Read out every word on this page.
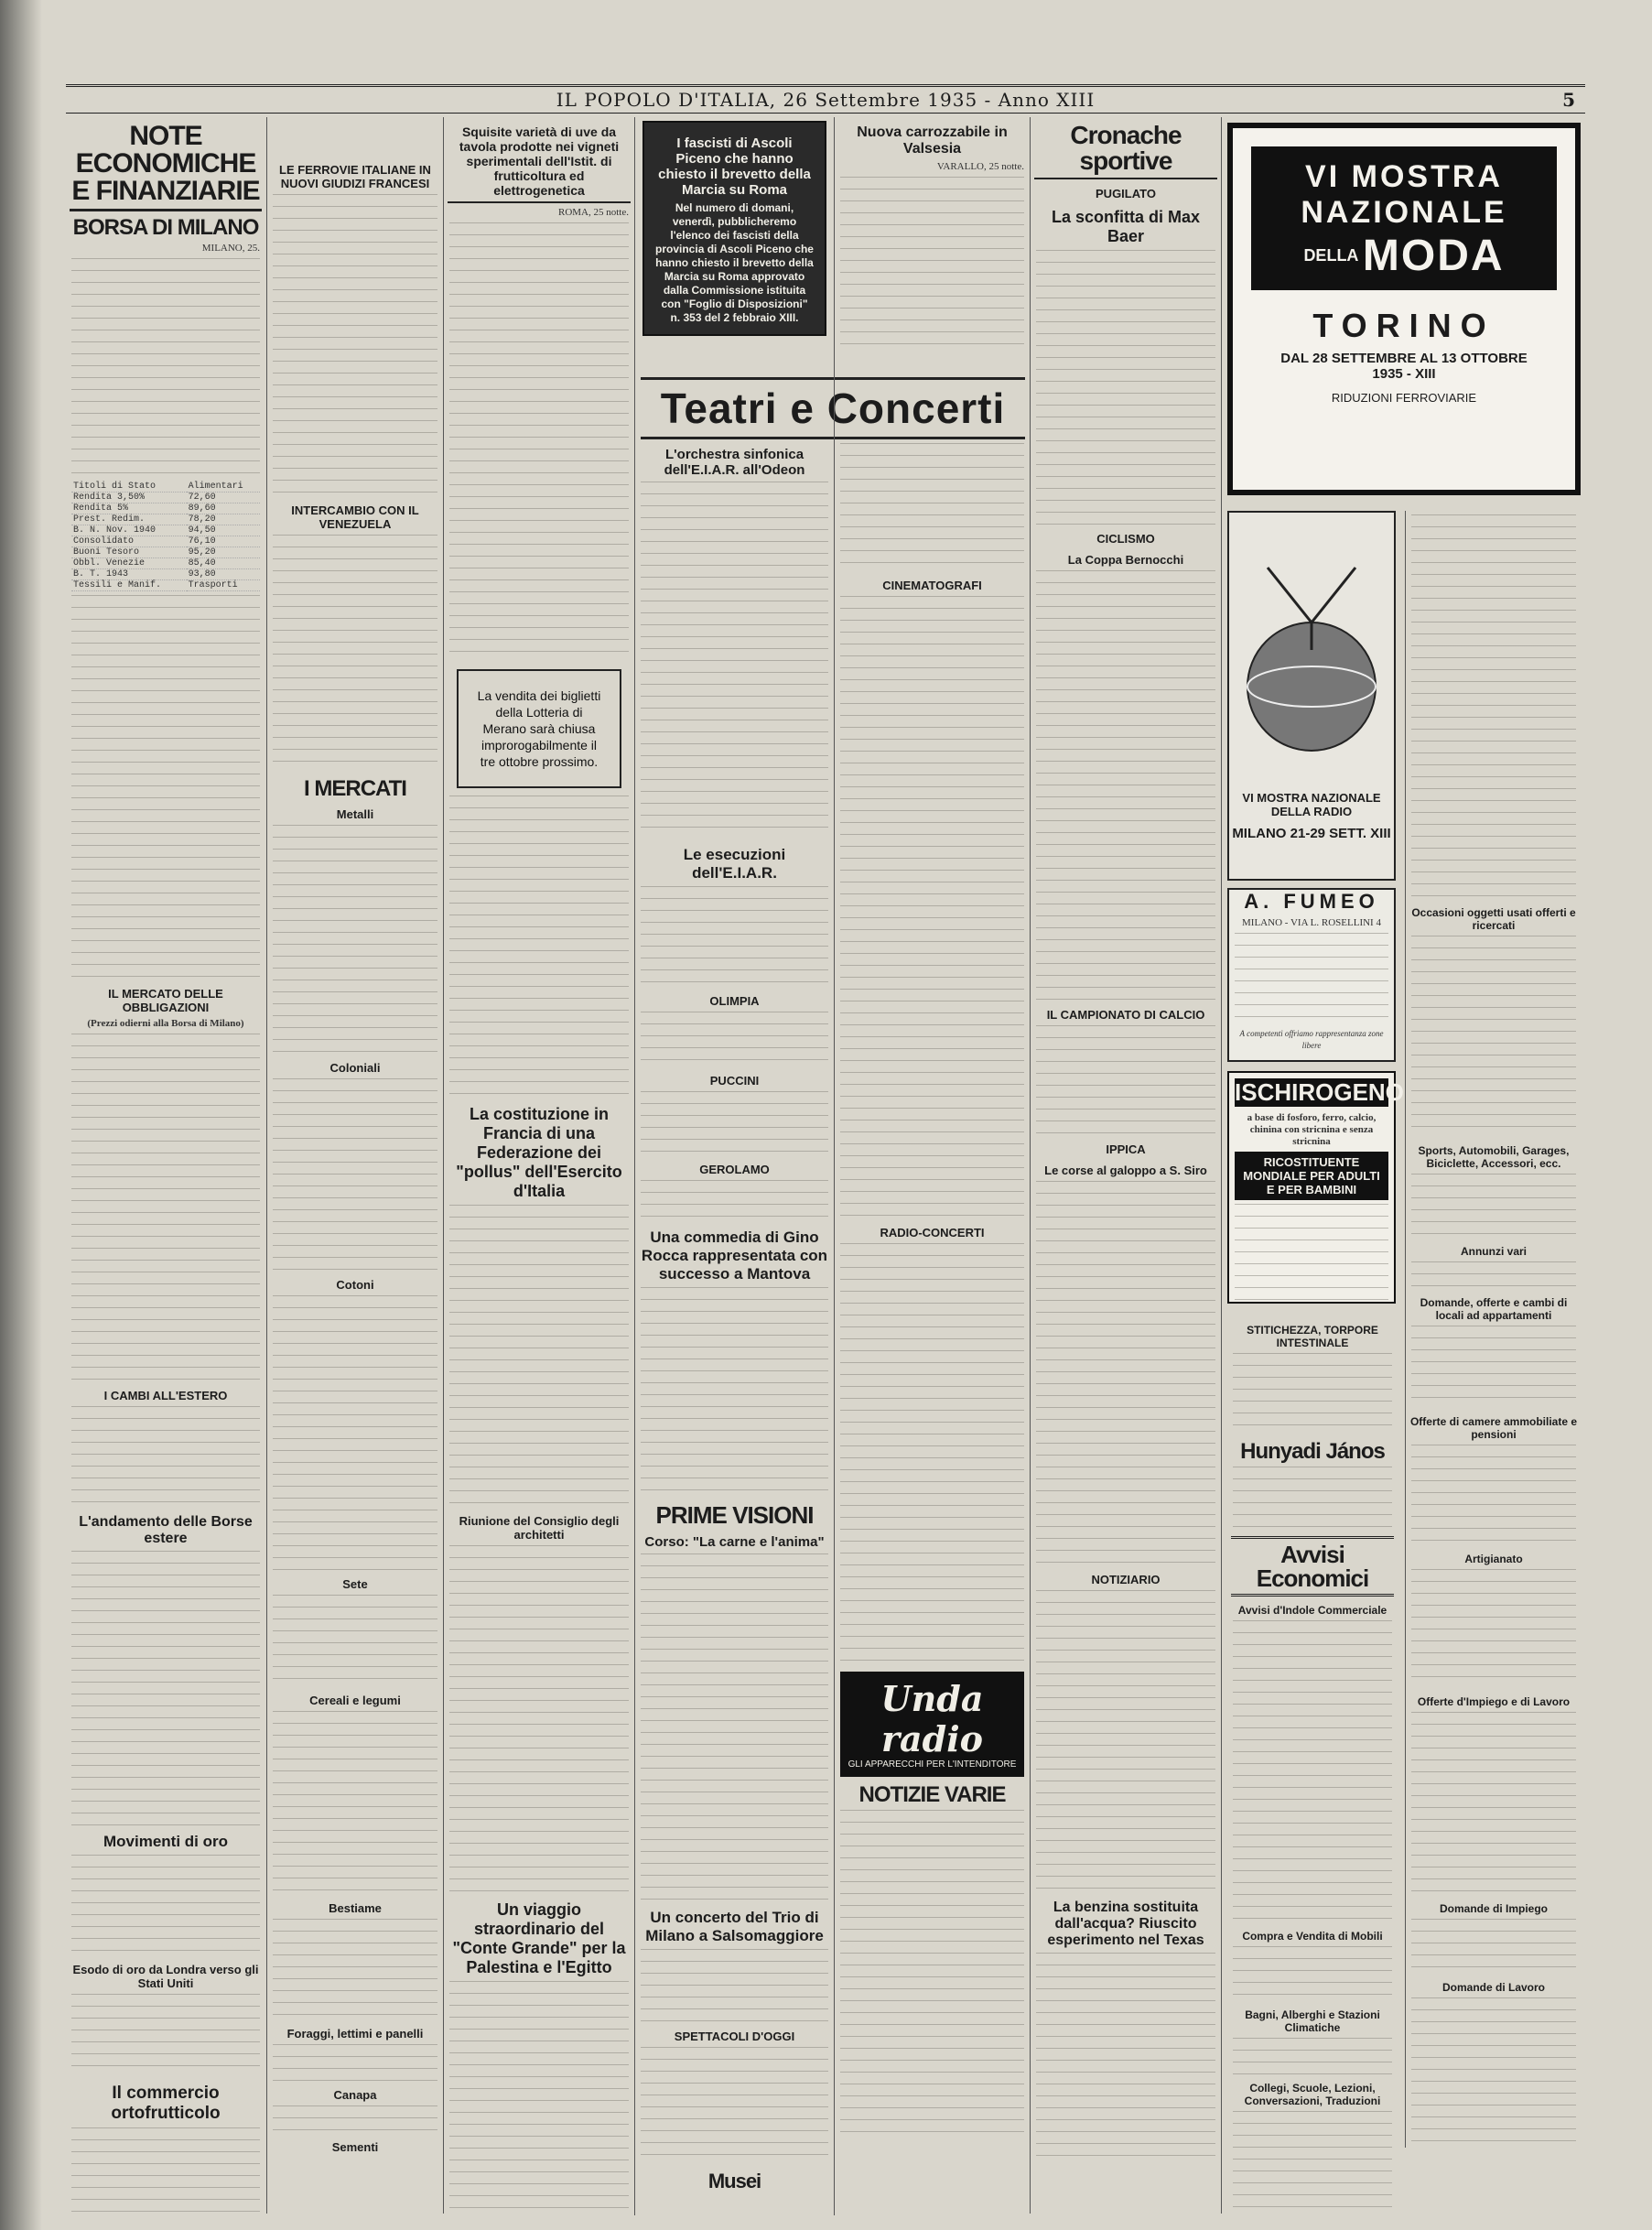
IL POPOLO D'ITALIA, 26 Settembre 1935 - Anno XIII	5
NOTE ECONOMICHE E FINANZIARIE
BORSA DI MILANO
MILANO, 25.
Titoli di Stato	Alimentari
Rendita 3,50%	72,60
Rendita 5%	89,60
Prest. Redim.	78,20
B. N. Nov. 1940	94,50
Consolidato	76,10
Buoni Tesoro	95,20
Obbl. Venezie	85,40
B. T. 1943	93,80
Tessili e Manif.	Trasporti
IL MERCATO DELLE OBBLIGAZIONI
(Prezzi odierni alla Borsa di Milano)
I CAMBI ALL'ESTERO
L'andamento delle Borse estere
Movimenti di oro
Esodo di oro da Londra verso gli Stati Uniti
Il commercio ortofrutticolo
LE FERROVIE ITALIANE IN NUOVI GIUDIZI FRANCESI
INTERCAMBIO CON IL VENEZUELA
I MERCATI
Metalli
Coloniali
Cotoni
Sete
Cereali e legumi
Bestiame
Foraggi, lettimi e panelli
Canapa
Sementi
Squisite varietà di uve da tavola prodotte nei vigneti sperimentali dell'Istit. di frutticoltura ed elettrogenetica
ROMA, 25 notte.
La vendita dei biglietti della Lotteria di Merano sarà chiusa improrogabilmente il tre ottobre prossimo.
La costituzione in Francia di una Federazione dei "pollus" dell'Esercito d'Italia
Riunione del Consiglio degli architetti
Un viaggio straordinario del "Conte Grande" per la Palestina e l'Egitto
I fascisti di Ascoli Piceno che hanno chiesto il brevetto della Marcia su Roma
Nel numero di domani, venerdì, pubblicheremo l'elenco dei fascisti della provincia di Ascoli Piceno che hanno chiesto il brevetto della Marcia su Roma approvato dalla Commissione istituita con "Foglio di Disposizioni" n. 353 del 2 febbraio XIII.
Teatri e Concerti
L'orchestra sinfonica dell'E.I.A.R. all'Odeon
Le esecuzioni dell'E.I.A.R.
OLIMPIA
PUCCINI
GEROLAMO
Una commedia di Gino Rocca rappresentata con successo a Mantova
PRIME VISIONI
Corso: "La carne e l'anima"
Un concerto del Trio di Milano a Salsomaggiore
SPETTACOLI D'OGGI
Musei
Nuova carrozzabile in Valsesia
VARALLO, 25 notte.
CINEMATOGRAFI
RADIO-CONCERTI
Unda radio
GLI APPARECCHI PER L'INTENDITORE
NOTIZIE VARIE
Cronache sportive
PUGILATO
La sconfitta di Max Baer
CICLISMO
La Coppa Bernocchi
IL CAMPIONATO DI CALCIO
IPPICA
Le corse al galoppo a S. Siro
NOTIZIARIO
La benzina sostituita dall'acqua? Riuscito esperimento nel Texas
VI MOSTRA
NAZIONALE
DELLA MODA
TORINO
DAL 28 SETTEMBRE AL 13 OTTOBRE 1935 - XIII
RIDUZIONI FERROVIARIE
VI MOSTRA NAZIONALE DELLA RADIO
MILANO 21-29 SETT. XIII
A. FUMEO
MILANO - VIA L. ROSELLINI 4
A competenti offriamo rappresentanza zone libere
ISCHIROGENO
a base di fosforo, ferro, calcio, chinina con stricnina e senza stricnina
RICOSTITUENTE MONDIALE PER ADULTI E PER BAMBINI
STITICHEZZA, TORPORE INTESTINALE
Hunyadi János
Avvisi Economici
Avvisi d'Indole Commerciale
Compra e Vendita di Mobili
Bagni, Alberghi e Stazioni Climatiche
Collegi, Scuole, Lezioni, Conversazioni, Traduzioni
Occasioni oggetti usati offerti e ricercati
Sports, Automobili, Garages, Biciclette, Accessori, ecc.
Annunzi vari
Domande, offerte e cambi di locali ad appartamenti
Offerte di camere ammobiliate e pensioni
Artigianato
Offerte d'Impiego e di Lavoro
Domande di Impiego
Domande di Lavoro
